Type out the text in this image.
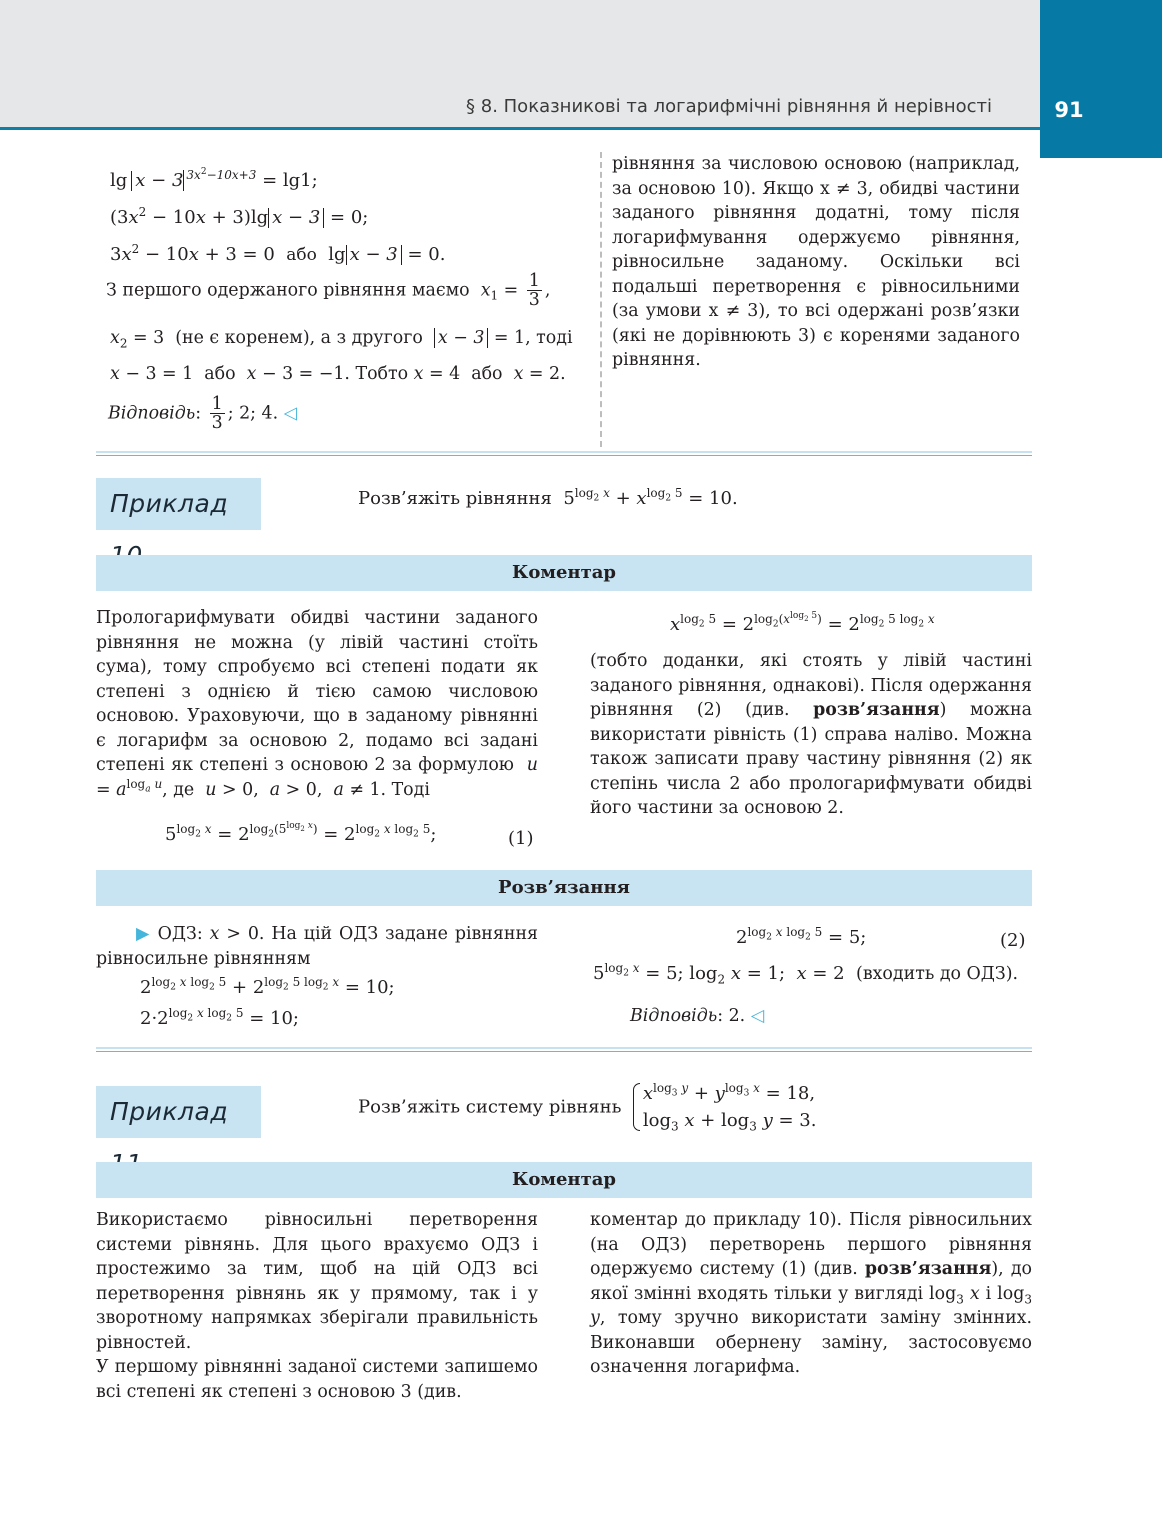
§ 8. Показникові та логарифмічні рівняння й нерівності	91
lg x − 3 $^{3x^2-10x+3}$ = lg1;
$(3x^2 - 10x + 3)\lg$ x − 3 = 0;
$3x^2 - 10x + 3 = 0$  або  lg x − 3 = 0.
З першого одержаного рівняння маємо $x_1 = \frac{1}{3}$ ,
$x_2 = 3$  (не є коренем), а з другого x − 3 = 1, тоді
x − 3 = 1  або x − 3 = −1. Тобто x = 4  або x = 2.
Відповідь: $\frac{1}{3}$ ; 2; 4. ◁

рівняння за числовою основою (наприклад, за основою 10). Якщо x ≠ 3, обидві частини заданого рівняння додатні, тому після логарифмування одержуємо рівняння, рівносильне заданому. Оскільки всі подальші перетворення є рівносильними (за умови x ≠ 3), то всі одержані розв’язки (які не дорівнюють 3) є коренями заданого рівняння.

Приклад	Розв’яжіть рівняння $5^{log_2 x} + x^{log_2 5} = 10$.
Коментар

Прологарифмувати обидві частини заданого рівняння не можна (у лівій частині стоїть сума), тому спробуємо всі степені подати як степені з однією й тією самою числовою основою. Ураховуючи, що в заданому рівнянні є логарифм за основою 2, подамо всі задані степені як степені з основою 2 за формулою $u = a^{log_a u}$, де u > 0,  a > 0,  a ≠ 1. Тоді

$5^{log_2 x} = 2^{log_2(5^{log_2 x})} = 2^{log_2 x log_2 5}$;	(1)
$x^{log_2 5} = 2^{log_2(x^{log_2 5})} = 2^{log_2 5 log_2 x}$

(тобто доданки, які стоять у лівій частині заданого рівняння, однакові). Після одержання рівняння (2) (див. розв’язання) можна використати рівність (1) справа наліво. Можна також записати праву частину рівняння (2) як степінь числа 2 або прологарифмувати обидві його частини за основою 2.

Розв’язання

▶ ОДЗ: x > 0. На цій ОДЗ задане рівняння рівносильне рівнянням

$2^{log_2 x log_2 5} + 2^{log_2 5 log_2 x} = 10$;
$2\cdot 2^{log_2 x log_2 5} = 10$;
$2^{log_2 x log_2 5} = 5$;	(2)
$5^{log_2 x} = 5$; $\log_2 x = 1$;  x = 2  (входить до ОДЗ).
Відповідь: 2. ◁
Приклад	Розв’яжіть систему рівнянь
$x^{log_3 y} + y^{log_3 x} = 18$,
$\log_3 x + \log_3 y = 3$.
Коментар

Використаємо рівносильні перетворення системи рівнянь. Для цього врахуємо ОДЗ і простежимо за тим, щоб на цій ОДЗ всі перетворення рівнянь як у прямому, так і у зворотному напрямках зберігали правильність рівностей.

У першому рівнянні заданої системи запишемо всі степені як степені з основою 3 (див.

коментар до прикладу 10). Після рівносильних (на ОДЗ) перетворень першого рівняння одержуємо систему (1) (див. розв’язання), до якої змінні входять тільки у вигляді $\log_3 x$ і $\log_3 y$, тому зручно використати заміну змінних. Виконавши обернену заміну, застосовуємо означення логарифма.
